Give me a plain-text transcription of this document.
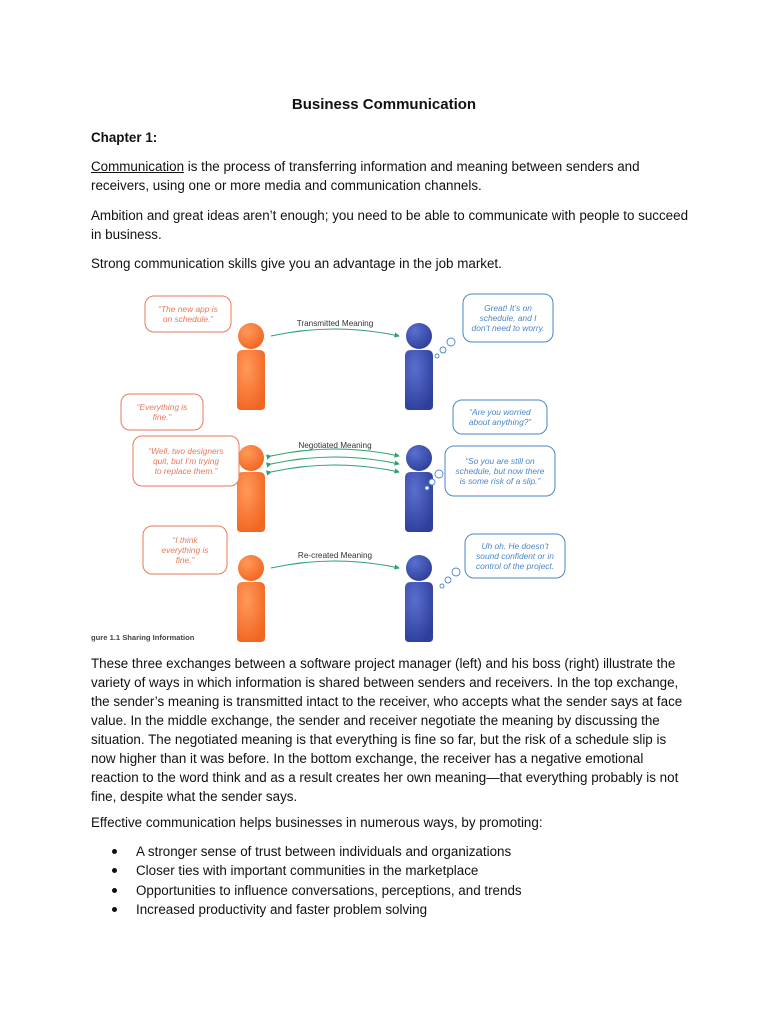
Business Communication

Chapter 1:

Communication is the process of transferring information and meaning between senders and receivers, using one or more media and communication channels.

Ambition and great ideas aren’t enough; you need to be able to communicate with people to succeed in business.

Strong communication skills give you an advantage in the job market.

Transmitted Meaning
Negotiated Meaning
Re-created Meaning
“The new app is
on schedule.”
“Everything is
fine.”
“Well, two designers
quit, but I’m trying
to replace them.”
“I think
everything is
fine.”
Great! It’s on
schedule, and I
don’t need to worry.
“Are you worried
about anything?”
“So you are still on
schedule, but now there
is some risk of a slip.”
Uh oh. He doesn’t
sound confident or in
control of the project.
gure 1.1 Sharing Information

These three exchanges between a software project manager (left) and his boss (right) illustrate the variety of ways in which information is shared between senders and receivers. In the top exchange, the sender’s meaning is transmitted intact to the receiver, who accepts what the sender says at face value. In the middle exchange, the sender and receiver negotiate the meaning by discussing the situation. The negotiated meaning is that everything is fine so far, but the risk of a schedule slip is now higher than it was before. In the bottom exchange, the receiver has a negative emotional reaction to the word think and as a result creates her own meaning—that everything probably is not fine, despite what the sender says.

Effective communication helps businesses in numerous ways, by promoting:

A stronger sense of trust between individuals and organizations
Closer ties with important communities in the marketplace
Opportunities to influence conversations, perceptions, and trends
Increased productivity and faster problem solving
